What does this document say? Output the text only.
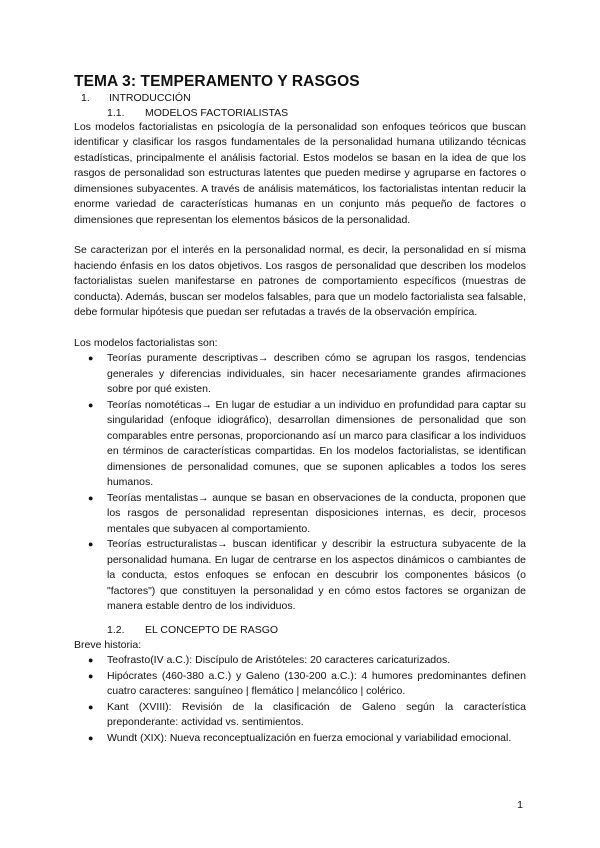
TEMA 3: TEMPERAMENTO Y RASGOS
1. INTRODUCCIÓN
1.1. MODELOS FACTORIALISTAS

Los modelos factorialistas en psicología de la personalidad son enfoques teóricos que buscan identificar y clasificar los rasgos fundamentales de la personalidad humana utilizando técnicas estadísticas, principalmente el análisis factorial. Estos modelos se basan en la idea de que los rasgos de personalidad son estructuras latentes que pueden medirse y agruparse en factores o dimensiones subyacentes. A través de análisis matemáticos, los factorialistas intentan reducir la enorme variedad de características humanas en un conjunto más pequeño de factores o dimensiones que representan los elementos básicos de la personalidad.

Se caracterizan por el interés en la personalidad normal, es decir, la personalidad en sí misma haciendo énfasis en los datos objetivos. Los rasgos de personalidad que describen los modelos factorialistas suelen manifestarse en patrones de comportamiento específicos (muestras de conducta). Además, buscan ser modelos falsables, para que un modelo factorialista sea falsable, debe formular hipótesis que puedan ser refutadas a través de la observación empírica.

Los modelos factorialistas son:

● Teorías puramente descriptivas→ describen cómo se agrupan los rasgos, tendencias generales y diferencias individuales, sin hacer necesariamente grandes afirmaciones sobre por qué existen.
● Teorías nomotéticas→ En lugar de estudiar a un individuo en profundidad para captar su singularidad (enfoque idiográfico), desarrollan dimensiones de personalidad que son comparables entre personas, proporcionando así un marco para clasificar a los individuos en términos de características compartidas. En los modelos factorialistas, se identifican dimensiones de personalidad comunes, que se suponen aplicables a todos los seres humanos.
● Teorías mentalistas→ aunque se basan en observaciones de la conducta, proponen que los rasgos de personalidad representan disposiciones internas, es decir, procesos mentales que subyacen al comportamiento.
● Teorías estructuralistas→ buscan identificar y describir la estructura subyacente de la personalidad humana. En lugar de centrarse en los aspectos dinámicos o cambiantes de la conducta, estos enfoques se enfocan en descubrir los componentes básicos (o "factores") que constituyen la personalidad y en cómo estos factores se organizan de manera estable dentro de los individuos.
1.2. EL CONCEPTO DE RASGO

Breve historia:

● Teofrasto(IV a.C.): Discípulo de Aristóteles: 20 caracteres caricaturizados.
● Hipócrates (460-380 a.C.) y Galeno (130-200 a.C.): 4 humores predominantes definen cuatro caracteres: sanguíneo | flemático | melancólico | colérico.
● Kant (XVIII): Revisión de la clasificación de Galeno según la característica preponderante: actividad vs. sentimientos.
● Wundt (XIX): Nueva reconceptualización en fuerza emocional y variabilidad emocional.
1
